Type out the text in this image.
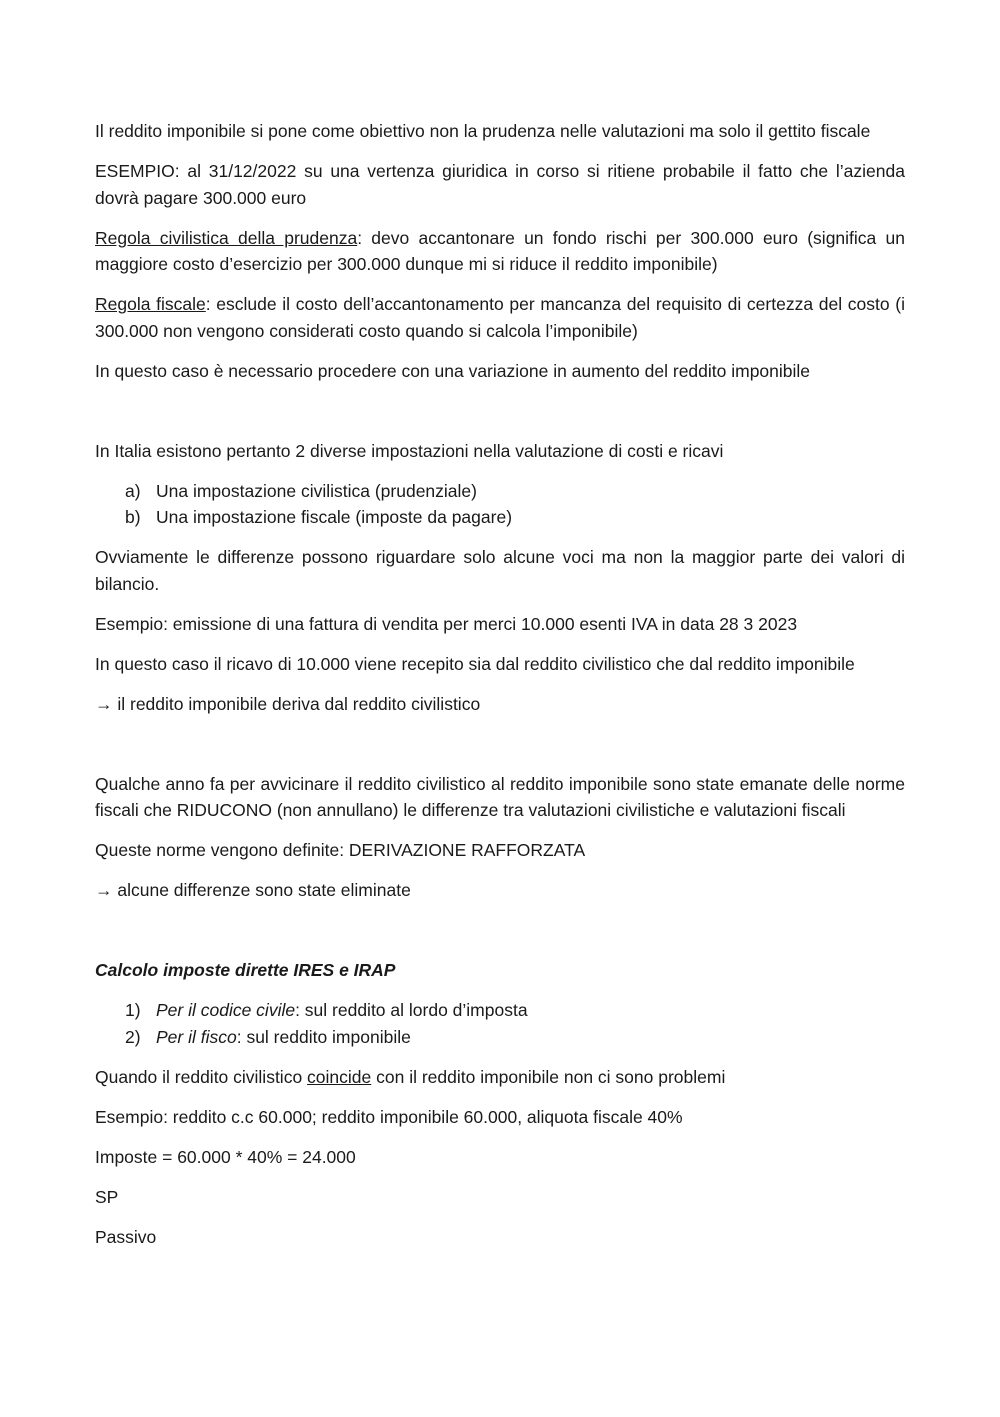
Il reddito imponibile si pone come obiettivo non la prudenza nelle valutazioni ma solo il gettito fiscale

ESEMPIO: al 31/12/2022 su una vertenza giuridica in corso si ritiene probabile il fatto che l’azienda dovrà pagare 300.000 euro

Regola civilistica della prudenza: devo accantonare un fondo rischi per 300.000 euro (significa un maggiore costo d’esercizio per 300.000 dunque mi si riduce il reddito imponibile)

Regola fiscale: esclude il costo dell’accantonamento per mancanza del requisito di certezza del costo (i 300.000 non vengono considerati costo quando si calcola l’imponibile)

In questo caso è necessario procedere con una variazione in aumento del reddito imponibile

In Italia esistono pertanto 2 diverse impostazioni nella valutazione di costi e ricavi

a) Una impostazione civilistica (prudenziale)
b) Una impostazione fiscale (imposte da pagare)

Ovviamente le differenze possono riguardare solo alcune voci ma non la maggior parte dei valori di bilancio.

Esempio: emissione di una fattura di vendita per merci 10.000 esenti IVA in data 28 3 2023

In questo caso il ricavo di 10.000 viene recepito sia dal reddito civilistico che dal reddito imponibile

→ il reddito imponibile deriva dal reddito civilistico

Qualche anno fa per avvicinare il reddito civilistico al reddito imponibile sono state emanate delle norme fiscali che RIDUCONO (non annullano) le differenze tra valutazioni civilistiche e valutazioni fiscali

Queste norme vengono definite: DERIVAZIONE RAFFORZATA

→ alcune differenze sono state eliminate

Calcolo imposte dirette IRES e IRAP

1) Per il codice civile: sul reddito al lordo d’imposta
2) Per il fisco: sul reddito imponibile

Quando il reddito civilistico coincide con il reddito imponibile non ci sono problemi

Esempio: reddito c.c 60.000; reddito imponibile 60.000, aliquota fiscale 40%

Imposte = 60.000 * 40% = 24.000

SP

Passivo
